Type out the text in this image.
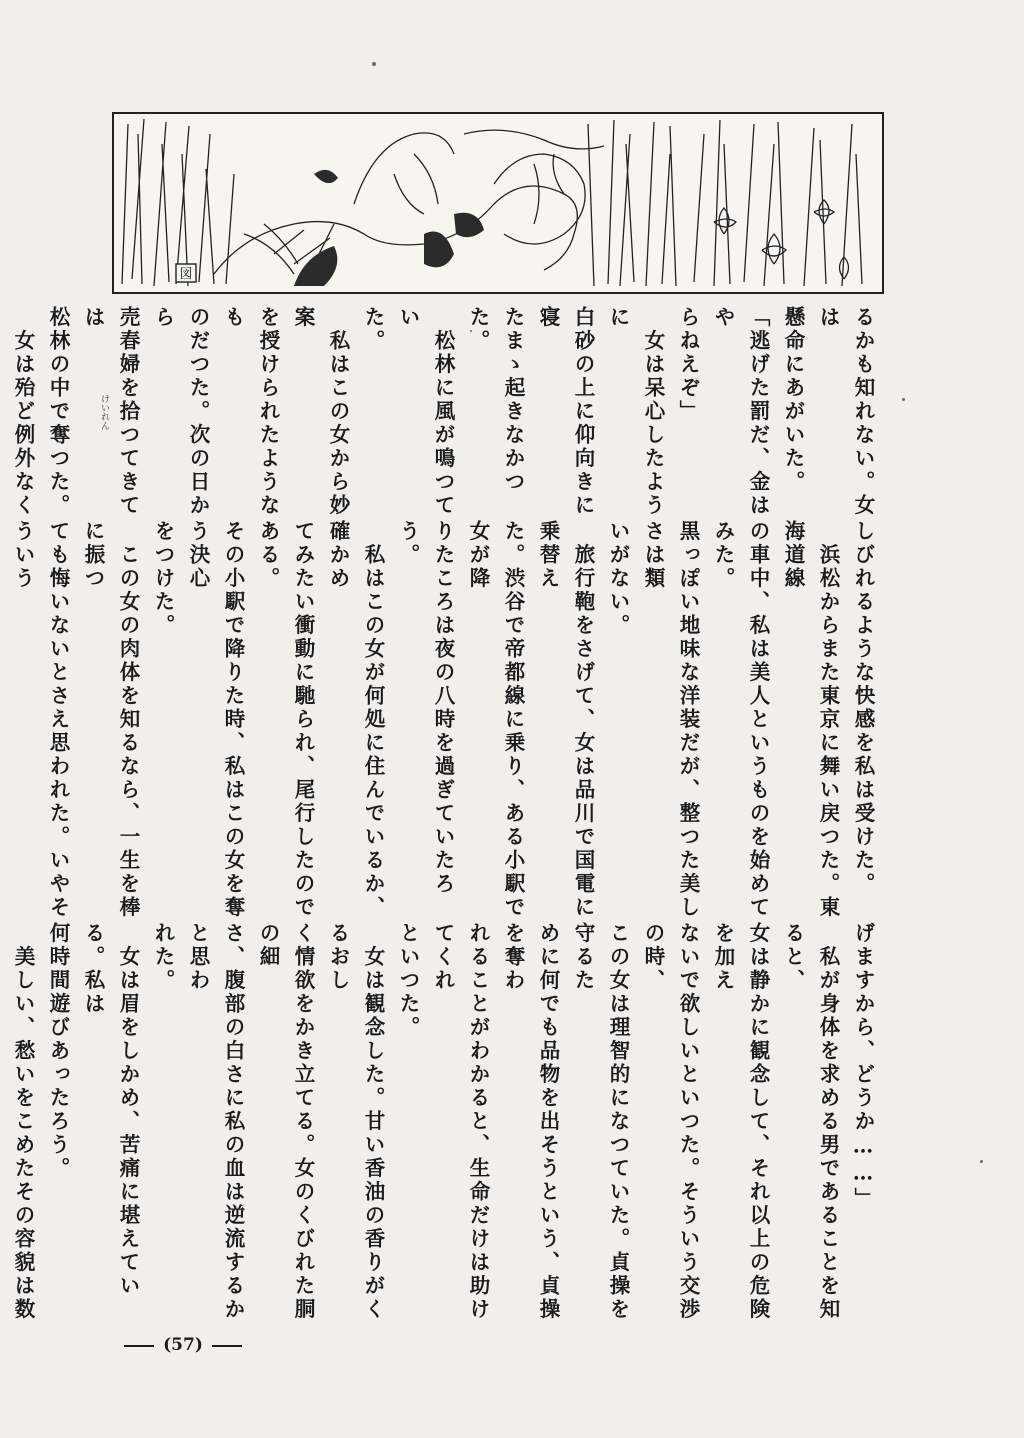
図
るかも知れない。女は
懸命にあがいた。
「逃げた罰だ、金はや
らねえぞ」
　女は呆心したように
白砂の上に仰向きに寝
たまゝ起きなかつた。
　松林に風が鳴つてい
た。
　私はこの女から妙案
を授けられたようなも
のだつた。次の日から
売春婦を拾つてきては
松林の中で奪つた。
　女は殆ど例外なく
けいれん
しびれるような快感を私は受けた。
　浜松からまた東京に舞い戻つた。東海道線
の車中、私は美人というものを始めてみた。
黒っぽい地味な洋装だが、整つた美しさは類
いがない。
　旅行鞄をさげて、女は品川で国電に乗替え
た。渋谷で帝都線に乗り、ある小駅で女が降
りたころは夜の八時を過ぎていたろう。
　私はこの女が何処に住んでいるか、確かめ
てみたい衝動に馳られ、尾行したのである。
その小駅で降りた時、私はこの女を奪う決心
をつけた。
　この女の肉体を知るなら、一生を棒に振つ
ても悔いないとさえ思われた。いやそういう
げますから、どうか……」
　私が身体を求める男であることを知ると、
女は静かに観念して、それ以上の危険を加え
ないで欲しいといつた。そういう交渉の時、
この女は理智的になつていた。貞操を守るた
めに何でも品物を出そうという、貞操を奪わ
れることがわかると、生命だけは助けてくれ
といつた。
　女は観念した。甘い香油の香りがくるおし
く情欲をかき立てる。女のくびれた胴の細
さ、腹部の白さに私の血は逆流するかと思わ
れた。
　女は眉をしかめ、苦痛に堪えている。私は
何時間遊びあったろう。
　美しい、愁いをこめたその容貌は数
(57)
